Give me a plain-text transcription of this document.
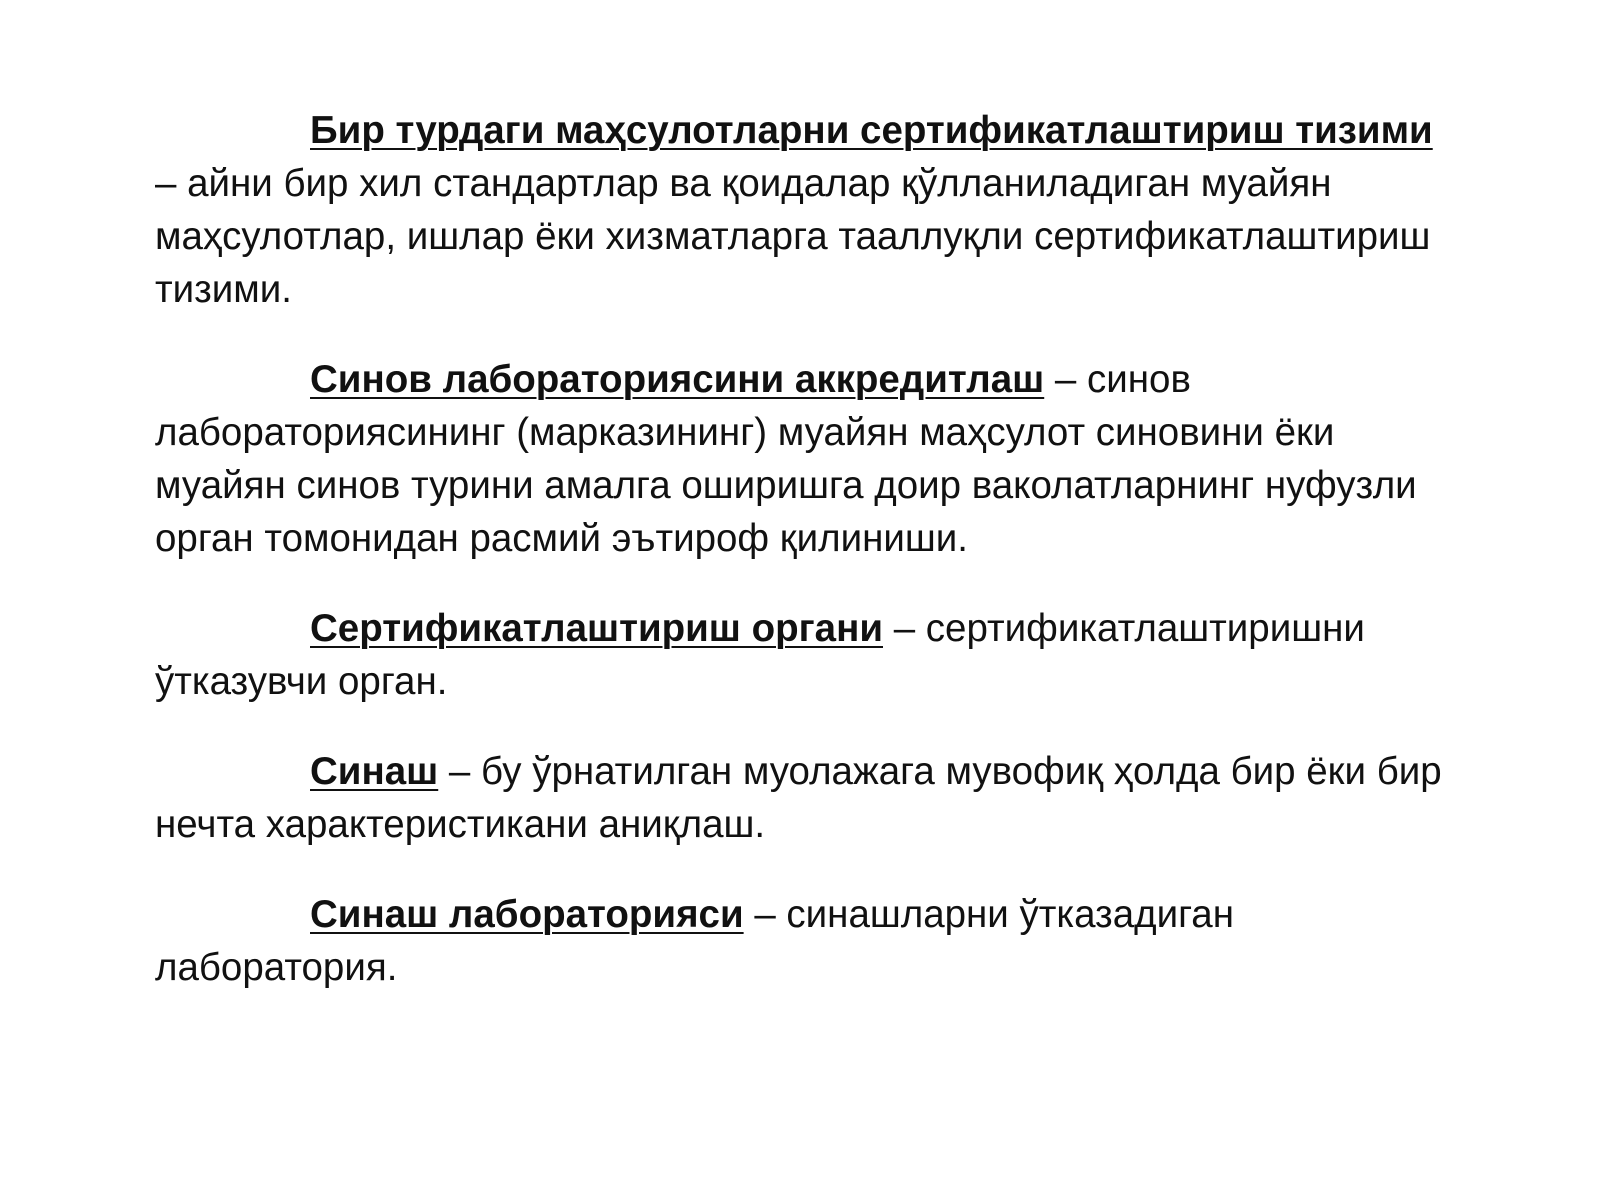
Бир турдаги маҳсулотларни сертификатлаштириш тизими – айни бир хил стандартлар ва қоидалар қўлланиладиган муайян маҳсулотлар, ишлар ёки хизматларга тааллуқли сертификатлаштириш тизими.

Синов лабораториясини аккредитлаш – синов лабораториясининг (марказининг) муайян маҳсулот синовини ёки муайян синов турини амалга оширишга доир ваколатларнинг нуфузли орган томонидан расмий эътироф қилиниши.

Сертификатлаштириш органи – сертификатлаштиришни ўтказувчи орган.

Синаш – бу ўрнатилган муолажага мувофиқ ҳолда бир ёки бир нечта характеристикани аниқлаш.

Синаш лабораторияси – синашларни ўтказадиган лаборатория.
